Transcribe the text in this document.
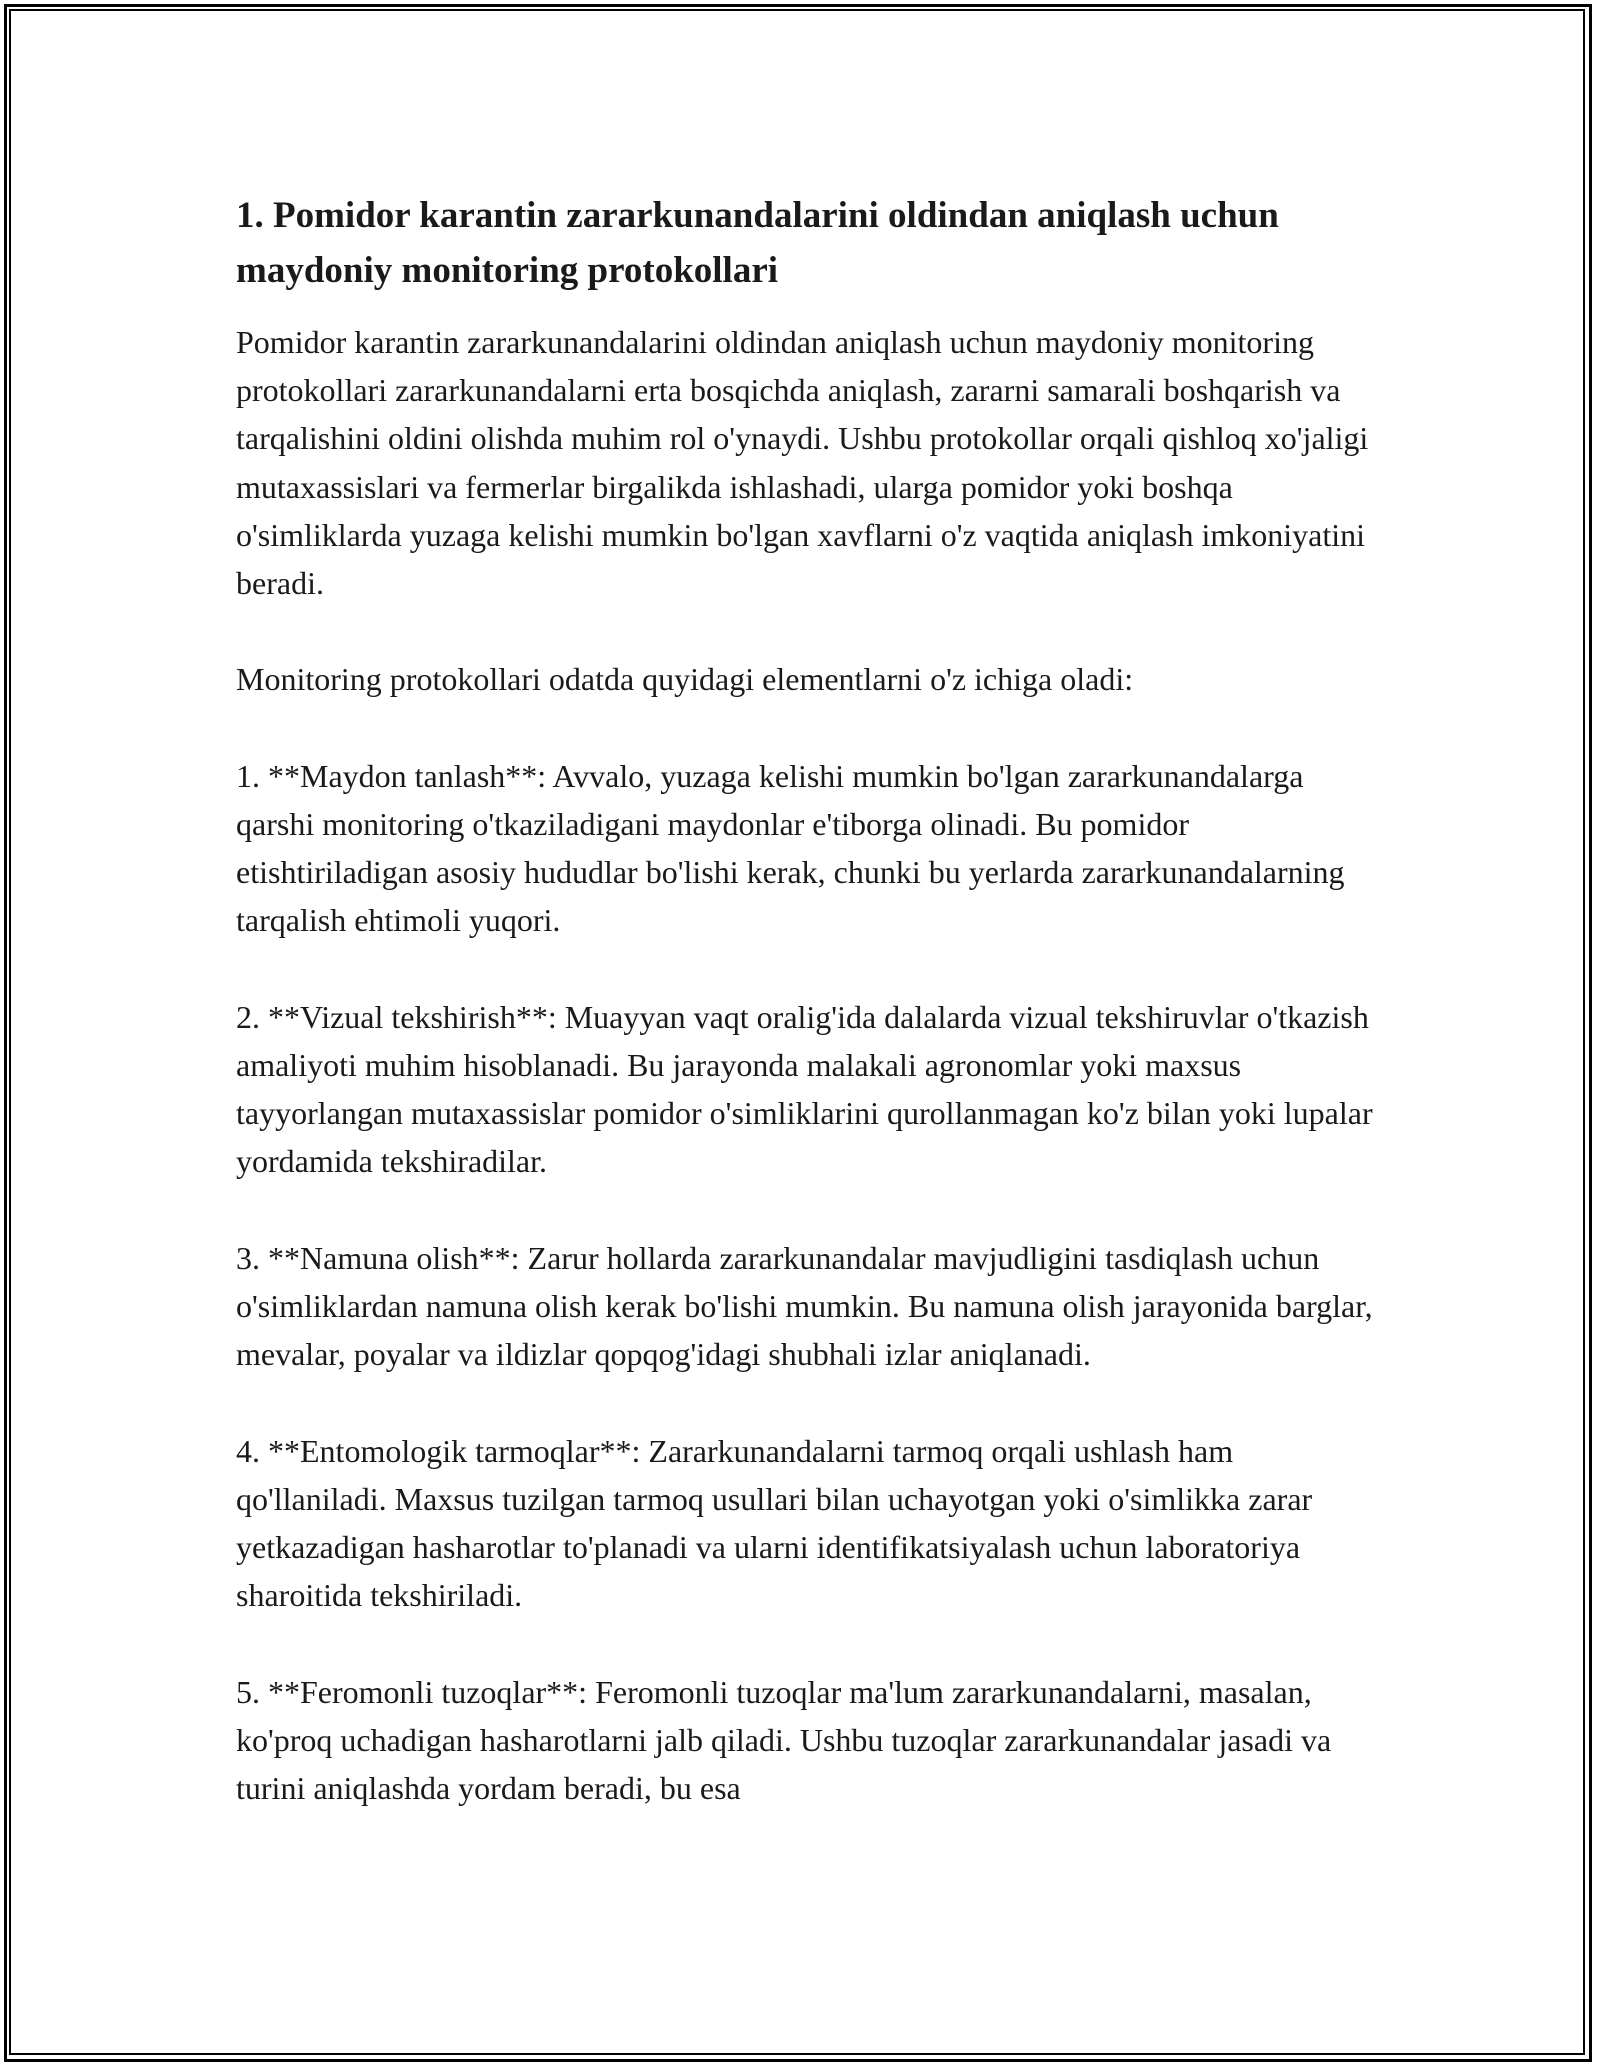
1. Pomidor karantin zararkunandalarini oldindan aniqlash uchun maydoniy monitoring protokollari

Pomidor karantin zararkunandalarini oldindan aniqlash uchun maydoniy monitoring protokollari zararkunandalarni erta bosqichda aniqlash, zararni samarali boshqarish va tarqalishini oldini olishda muhim rol o'ynaydi. Ushbu protokollar orqali qishloq xo'jaligi mutaxassislari va fermerlar birgalikda ishlashadi, ularga pomidor yoki boshqa o'simliklarda yuzaga kelishi mumkin bo'lgan xavflarni o'z vaqtida aniqlash imkoniyatini beradi.

Monitoring protokollari odatda quyidagi elementlarni o'z ichiga oladi:

1. **Maydon tanlash**: Avvalo, yuzaga kelishi mumkin bo'lgan zararkunandalarga qarshi monitoring o'tkaziladigani maydonlar e'tiborga olinadi. Bu pomidor etishtiriladigan asosiy hududlar bo'lishi kerak, chunki bu yerlarda zararkunandalarning tarqalish ehtimoli yuqori.

2. **Vizual tekshirish**: Muayyan vaqt oralig'ida dalalarda vizual tekshiruvlar o'tkazish amaliyoti muhim hisoblanadi. Bu jarayonda malakali agronomlar yoki maxsus tayyorlangan mutaxassislar pomidor o'simliklarini qurollanmagan ko'z bilan yoki lupalar yordamida tekshiradilar.

3. **Namuna olish**: Zarur hollarda zararkunandalar mavjudligini tasdiqlash uchun o'simliklardan namuna olish kerak bo'lishi mumkin. Bu namuna olish jarayonida barglar, mevalar, poyalar va ildizlar qopqog'idagi shubhali izlar aniqlanadi.

4. **Entomologik tarmoqlar**: Zararkunandalarni tarmoq orqali ushlash ham qo'llaniladi. Maxsus tuzilgan tarmoq usullari bilan uchayotgan yoki o'simlikka zarar yetkazadigan hasharotlar to'planadi va ularni identifikatsiyalash uchun laboratoriya sharoitida tekshiriladi.

5. **Feromonli tuzoqlar**: Feromonli tuzoqlar ma'lum zararkunandalarni, masalan, ko'proq uchadigan hasharotlarni jalb qiladi. Ushbu tuzoqlar zararkunandalar jasadi va turini aniqlashda yordam beradi, bu esa
